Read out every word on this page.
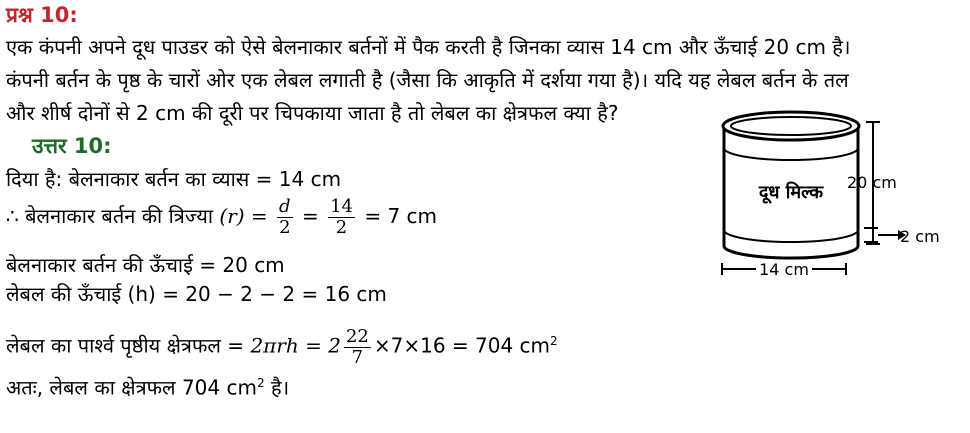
प्रश्न 10:
एक कंपनी अपने दूध पाउडर को ऐसे बेलनाकार बर्तनों में पैक करती है जिनका व्यास 14 cm और ऊँचाई 20 cm है।
कंपनी बर्तन के पृष्ठ के चारों ओर एक लेबल लगाती है (जैसा कि आकृति में दर्शया गया है)। यदि यह लेबल बर्तन के तल
और शीर्ष दोनों से 2 cm की दूरी पर चिपकाया जाता है तो लेबल का क्षेत्रफल क्या है?
उत्तर 10:
दिया है: बेलनाकार बर्तन का व्यास = 14 cm
∴ बेलनाकार बर्तन की त्रिज्या $(r) = \frac{d}{2} = \frac{14}{2} = 7$ cm
बेलनाकार बर्तन की ऊँचाई = 20 cm
लेबल की ऊँचाई (h) = 20 − 2 − 2 = 16 cm
लेबल का पार्श्व पृष्ठीय क्षेत्रफल = $2\pi rh = 2 \frac{22}{7} \times 7\times 16 = 704$ $cm^2$
अतः, लेबल का क्षेत्रफल 704 $cm^2$ है।
दूध मिल्क 20 cm
2 cm
14 cm
